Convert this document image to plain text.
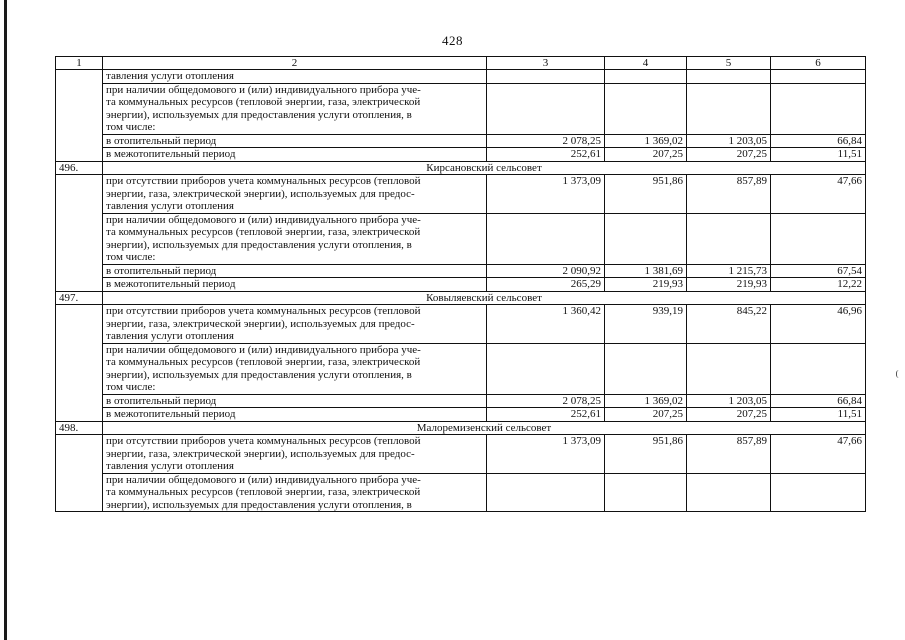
428
1	2	3	4	5	6
	тавления услуги отопления				

	при наличии общедомового и (или) индивидуального прибора уче-
та коммунальных ресурсов (тепловой энергии, газа, электрической
энергии), используемых для предоставления услуги отопления, в
том числе:				

	в отопительный период	2 078,25	1 369,02	1 203,05	66,84
	в межотопительный период	252,61	207,25	207,25	11,51
496.	Кирсановский сельсовет				

	при отсутствии приборов учета коммунальных ресурсов (тепловой
энергии, газа, электрической энергии), используемых для предос-
тавления услуги отопления	1 373,09	951,86	857,89	47,66

	при наличии общедомового и (или) индивидуального прибора уче-
та коммунальных ресурсов (тепловой энергии, газа, электрической
энергии), используемых для предоставления услуги отопления, в
том числе:				

	в отопительный период	2 090,92	1 381,69	1 215,73	67,54
	в межотопительный период	265,29	219,93	219,93	12,22
497.	Ковыляевский сельсовет				

	при отсутствии приборов учета коммунальных ресурсов (тепловой
энергии, газа, электрической энергии), используемых для предос-
тавления услуги отопления	1 360,42	939,19	845,22	46,96

	при наличии общедомового и (или) индивидуального прибора уче-
та коммунальных ресурсов (тепловой энергии, газа, электрической
энергии), используемых для предоставления услуги отопления, в
том числе:				

	в отопительный период	2 078,25	1 369,02	1 203,05	66,84
	в межотопительный период	252,61	207,25	207,25	11,51
498.	Малоремизенский сельсовет				

	при отсутствии приборов учета коммунальных ресурсов (тепловой
энергии, газа, электрической энергии), используемых для предос-
тавления услуги отопления	1 373,09	951,86	857,89	47,66

	при наличии общедомового и (или) индивидуального прибора уче-
та коммунальных ресурсов (тепловой энергии, газа, электрической
энергии), используемых для предоставления услуги отопления, в				
